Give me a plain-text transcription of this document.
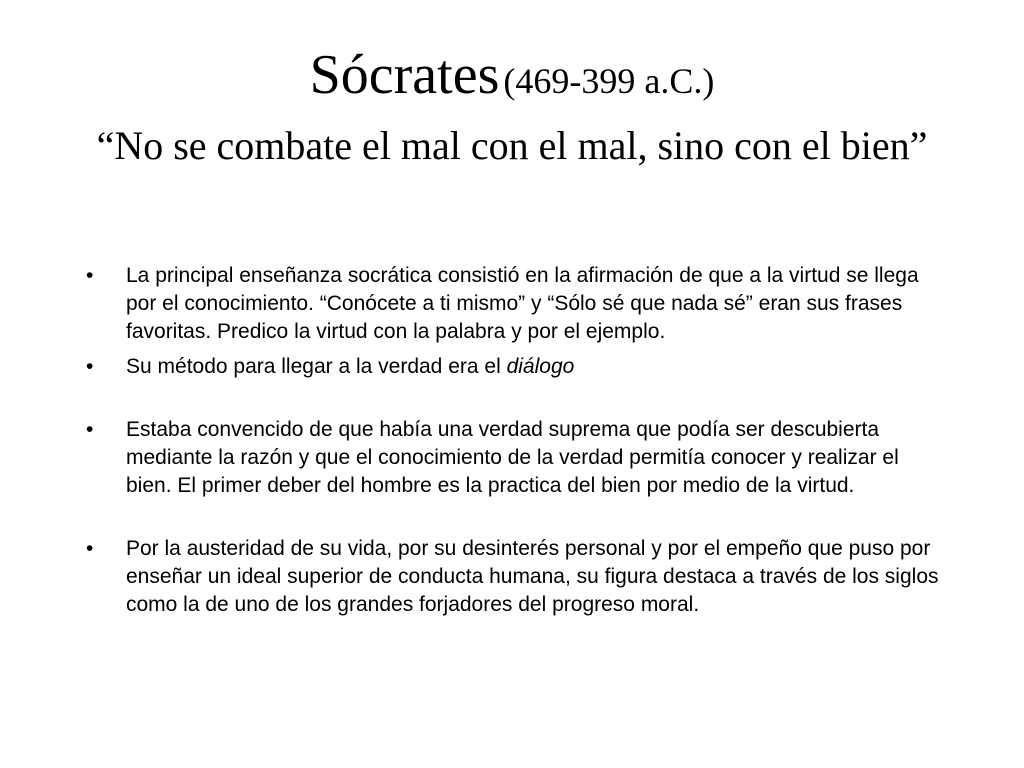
Sócrates (469-399 a.C.)

“No se combate el mal con el mal, sino con el bien”

•	La principal enseñanza socrática consistió en la afirmación de que a la virtud se llega por el conocimiento. “Conócete a ti mismo” y “Sólo sé que nada sé” eran sus frases favoritas. Predico la virtud con la palabra y por el ejemplo.
•	Su método para llegar a la verdad era el diálogo
•	Estaba convencido de que había una verdad suprema que podía ser descubierta mediante la razón y que el conocimiento de la verdad permitía conocer y realizar el bien. El primer deber del hombre es la practica del bien por medio de la virtud.
•	Por la austeridad de su vida, por su desinterés personal y por el empeño que puso por enseñar un ideal superior de conducta humana, su figura destaca a través de los siglos como la de uno de los grandes forjadores del progreso moral.
